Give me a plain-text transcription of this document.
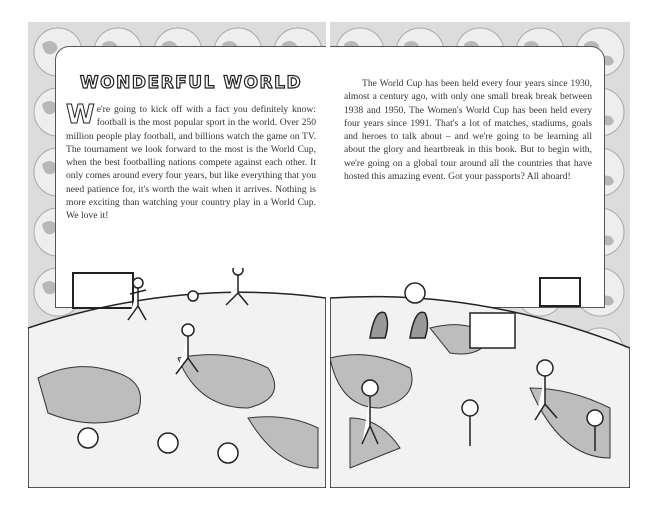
WONDERFUL WORLD
We're going to kick off with a fact you definitely know: football is the most popular sport in the world. Over 250 million people play football, and billions watch the game on TV. The tournament we look forward to the most is the World Cup, when the best footballing nations compete against each other. It only comes around every four years, but like everything that you need patience for, it's worth the wait when it arrives. Nothing is more exciting than watching your country play in a World Cup. We love it!
The World Cup has been held every four years since 1930, almost a century ago, with only one small break break between 1938 and 1950. The Women's World Cup has been held every four years since 1991. That's a lot of matches, stadiums, goals and heroes to talk about – and we're going to be learning all about the glory and heartbreak in this book. But to begin with, we're going on a global tour around all the countries that have hosted this amazing event. Got your passports? All aboard!
